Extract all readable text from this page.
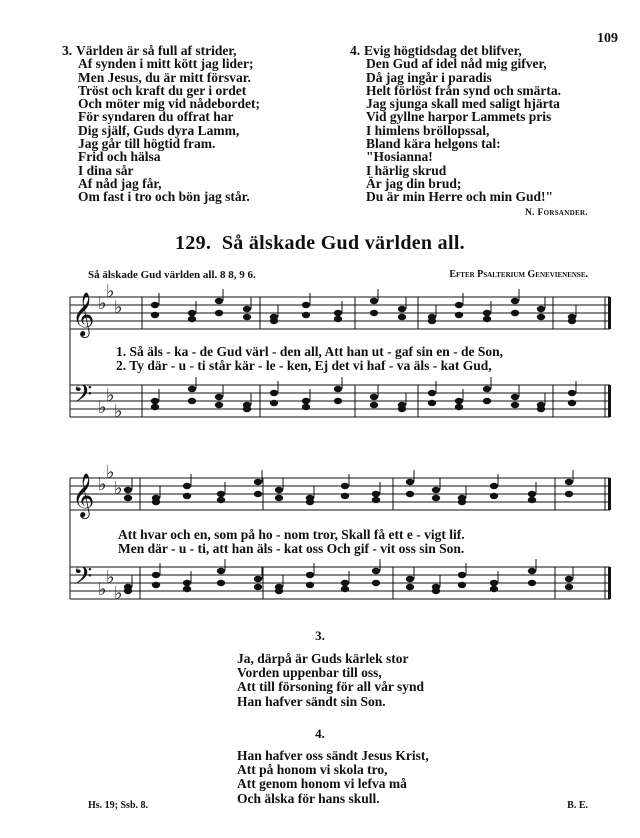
109
3. Världen är så full af strider,
Af synden i mitt kött jag lider;
Men Jesus, du är mitt försvar.
Tröst och kraft du ger i ordet
Och möter mig vid nådebordet;
För syndaren du offrat har
Dig själf, Guds dyra Lamm,
Jag går till högtid fram.
Frid och hälsa
I dina sår
Af nåd jag får,
Om fast i tro och bön jag står.
4. Evig högtidsdag det blifver,
Den Gud af idel nåd mig gifver,
Då jag ingår i paradis
Helt förlöst från synd och smärta.
Jag sjunga skall med saligt hjärta
Vid gyllne harpor Lammets pris
I himlens bröllopssal,
Bland kära helgons tal:
"Hosianna!
I härlig skrud
Är jag din brud;
Du är min Herre och min Gud!"
N. Forsander.
129. Så älskade Gud världen all.
Så älskade Gud världen all. 8 8, 9 6.	Efter Psalterium Genevienense.
𝄞 ♭
♭
♭
𝄢 ♭
♭
♭
𝄞 ♭
♭
♭
𝄢 ♭
♭
♭
1. Så äls - ka - de Gud värl - den all, Att han ut - gaf sin en - de Son,
2. Ty där - u - ti står kär - le - ken, Ej det vi haf - va äls - kat Gud,
Att hvar och en, som på ho - nom tror, Skall få ett e - vigt lif.
Men där - u - ti, att han äls - kat oss Och gif - vit oss sin Son.
3.
Ja, därpå är Guds kärlek stor
Vorden uppenbar till oss,
Att till försoning för all vår synd
Han hafver sändt sin Son.
4.
Han hafver oss sändt Jesus Krist,
Att på honom vi skola tro,
Att genom honom vi lefva må
Och älska för hans skull.
Hs. 19; Ssb. 8.	B. E.
